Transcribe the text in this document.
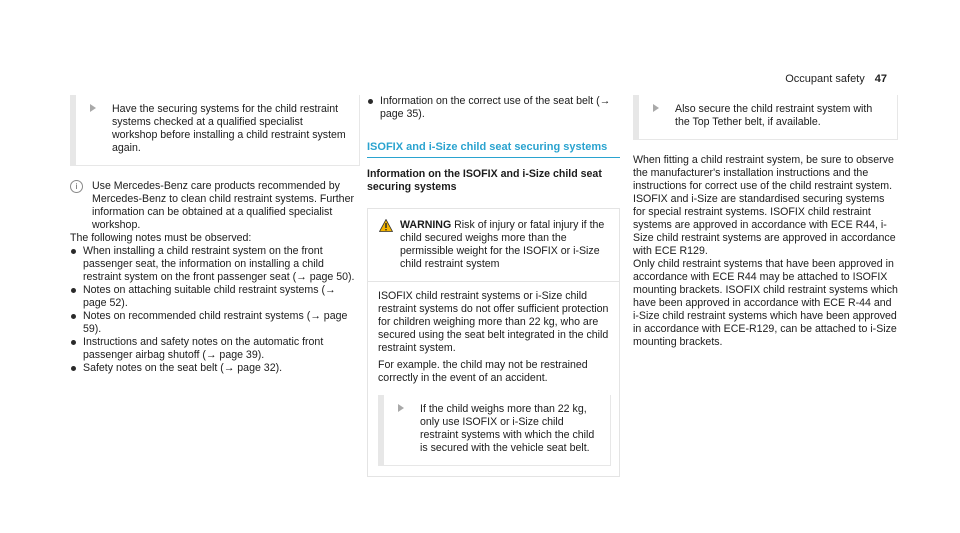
Occupant safety 47
Have the securing systems for the child restraint systems checked at a qualified specialist workshop before installing a child restraint system again.
i	Use Mercedes-Benz care products recommended by Mercedes-Benz to clean child restraint systems. Further information can be obtained at a qualified specialist workshop.

The following notes must be observed:

When installing a child restraint system on the front passenger seat, the information on installing a child restraint system on the front passenger seat (→ page 50).
Notes on attaching suitable child restraint systems (→ page 52).
Notes on recommended child restraint systems (→ page 59).
Instructions and safety notes on the automatic front passenger airbag shutoff (→ page 39).
Safety notes on the seat belt (→ page 32).
Information on the correct use of the seat belt (→ page 35).
ISOFIX and i-Size child seat securing systems
Information on the ISOFIX and i-Size child seat securing systems
WARNING Risk of injury or fatal injury if the child secured weighs more than the permissible weight for the ISOFIX or i-Size child restraint system

ISOFIX child restraint systems or i-Size child restraint systems do not offer sufficient protection for children weighing more than 22 kg, who are secured using the seat belt integrated in the child restraint system.

For example. the child may not be restrained correctly in the event of an accident.

If the child weighs more than 22 kg, only use ISOFIX or i-Size child restraint systems with which the child is secured with the vehicle seat belt.
Also secure the child restraint system with the Top Tether belt, if available.

When fitting a child restraint system, be sure to observe the manufacturer's installation instructions and the instructions for correct use of the child restraint system.

ISOFIX and i-Size are standardised securing systems for special restraint systems. ISOFIX child restraint systems are approved in accordance with ECE R44, i-Size child restraint systems are approved in accordance with ECE R129.

Only child restraint systems that have been approved in accordance with ECE R44 may be attached to ISOFIX mounting brackets. ISOFIX child restraint systems which have been approved in accordance with ECE R-44 and i-Size child restraint systems which have been approved in accordance with ECE-R129, can be attached to i-Size mounting brackets.
